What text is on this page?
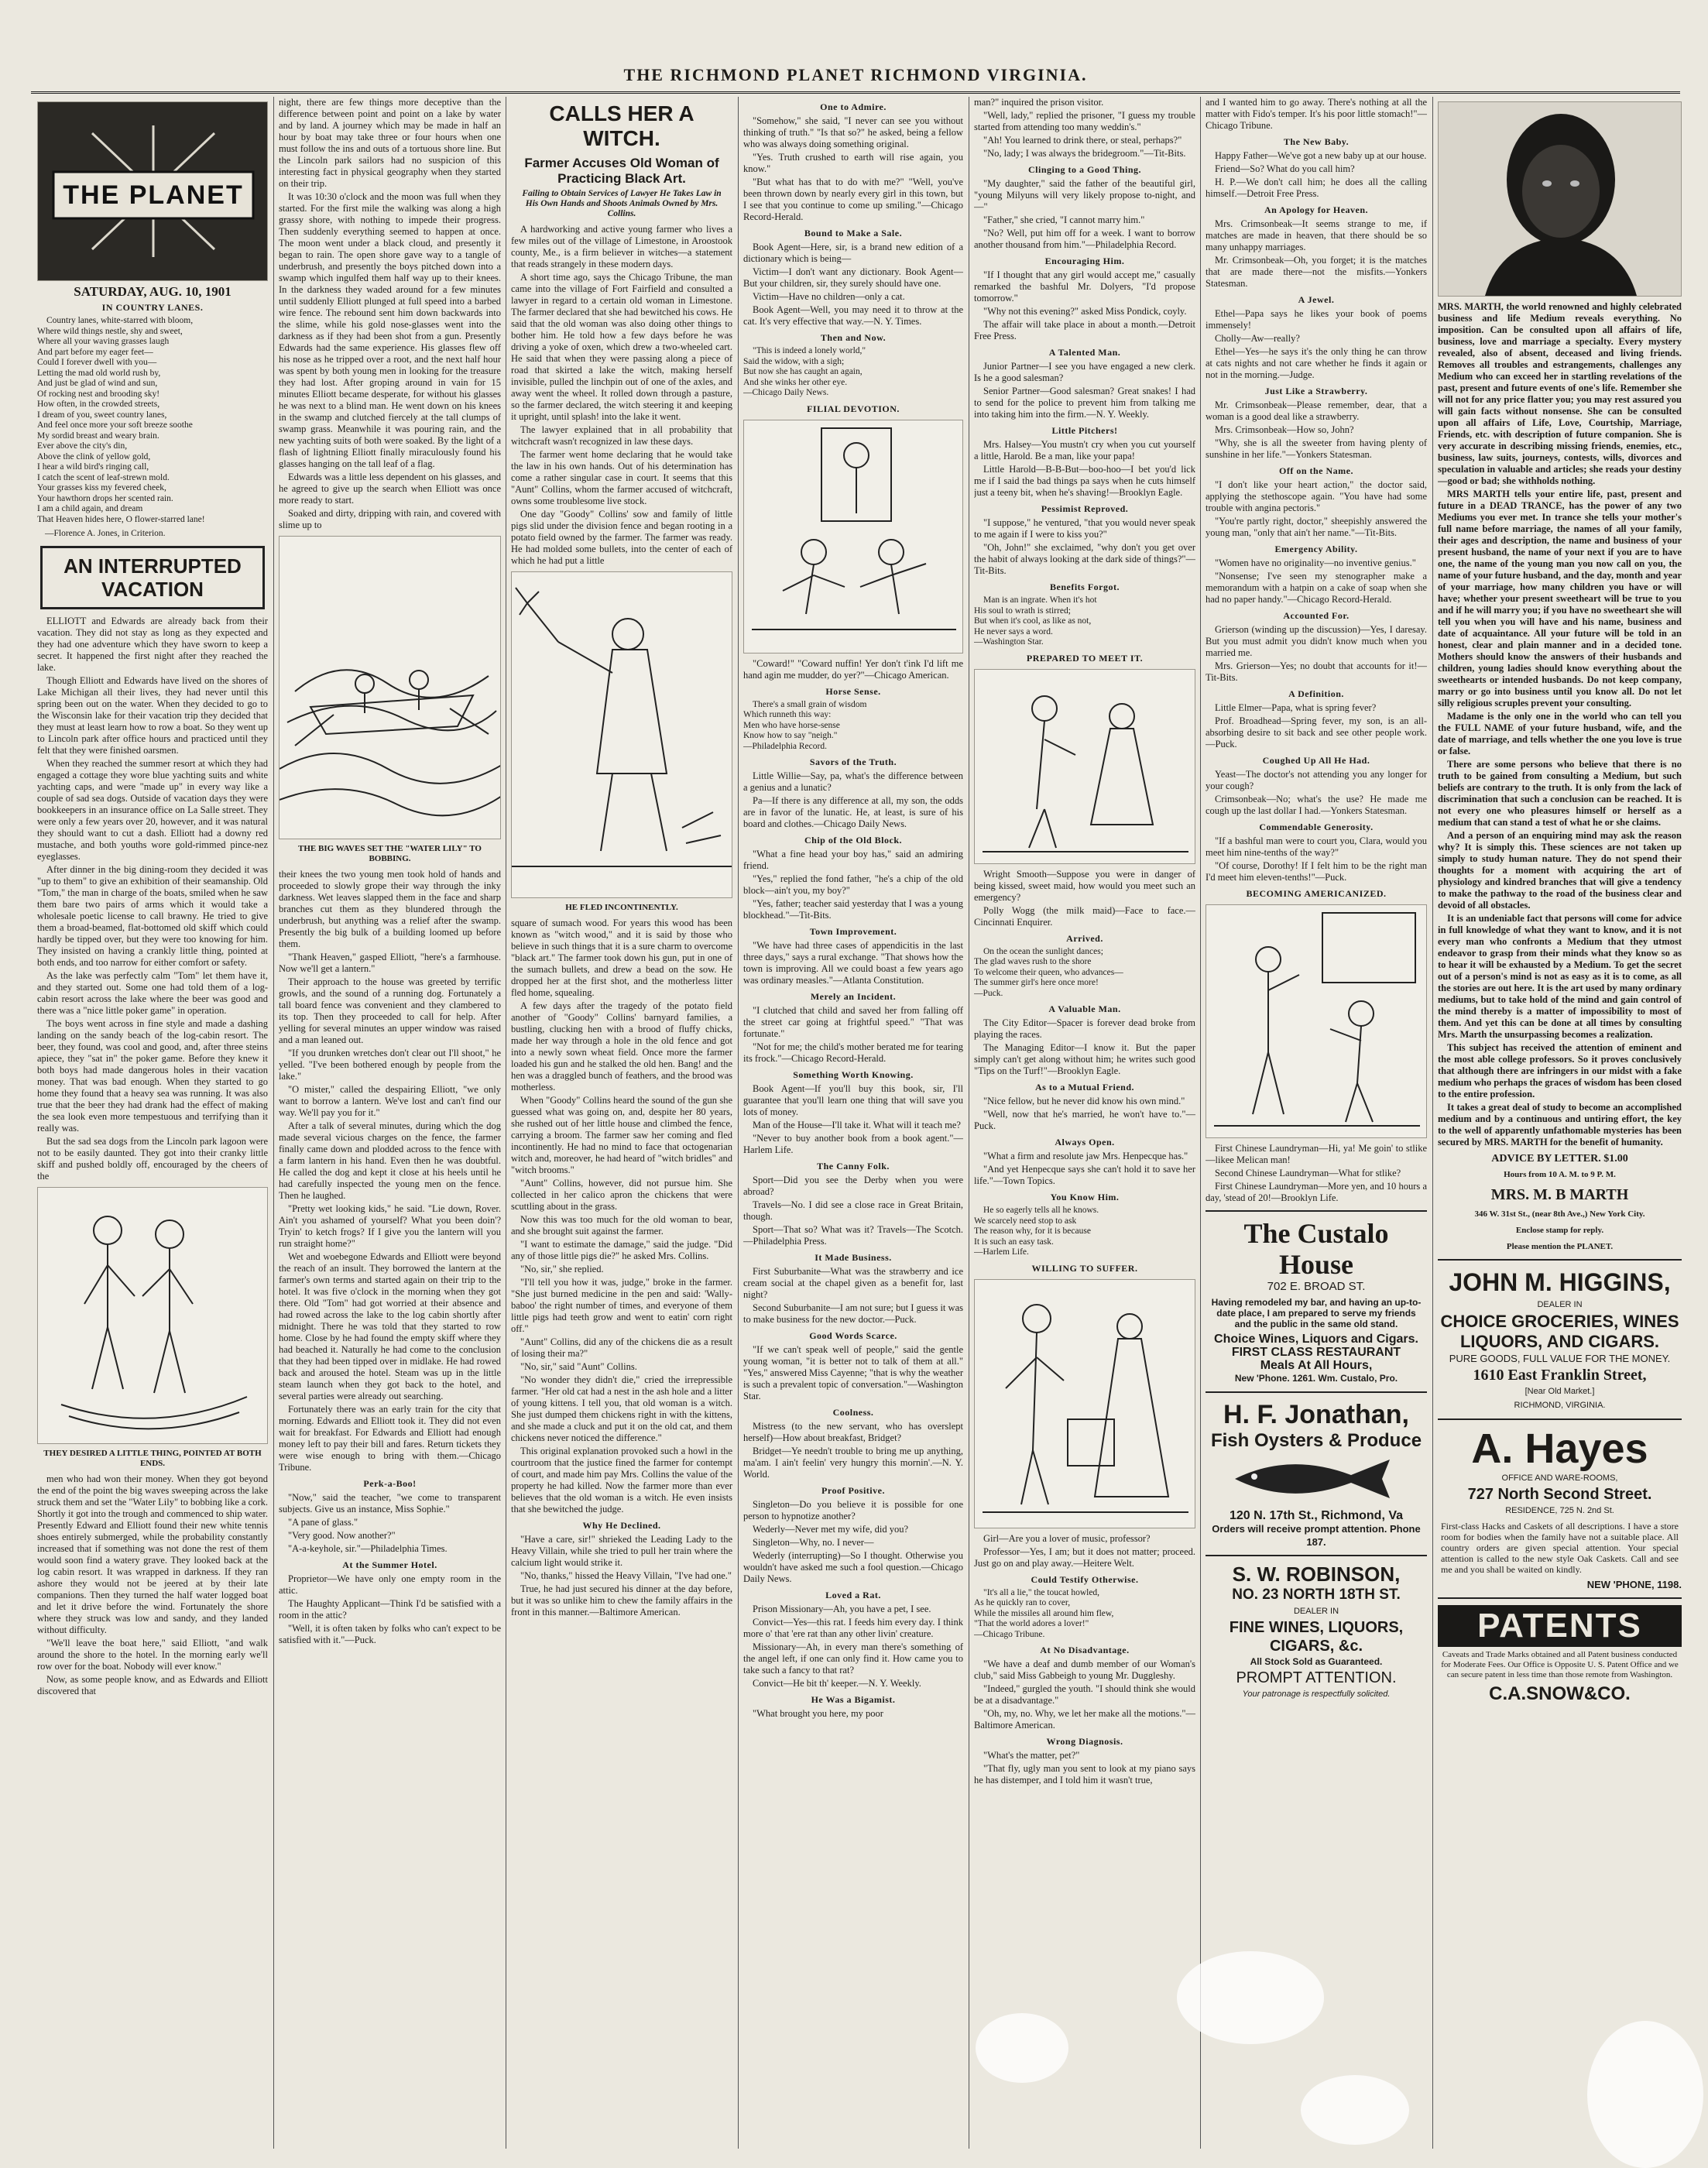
THE RICHMOND PLANET RICHMOND VIRGINIA.
THE PLANET
SATURDAY, AUG. 10, 1901
IN COUNTRY LANES.

Country lanes, white-starred with bloom,
Where wild things nestle, shy and sweet,
Where all your waving grasses laugh
And part before my eager feet—
Could I forever dwell with you—
Letting the mad old world rush by,
And just be glad of wind and sun,
Of rocking nest and brooding sky!
How often, in the crowded streets,
I dream of you, sweet country lanes,
And feel once more your soft breeze soothe
My sordid breast and weary brain.
Ever above the city's din,
Above the clink of yellow gold,
I hear a wild bird's ringing call,
I catch the scent of leaf-strewn mold.
Your grasses kiss my fevered cheek,
Your hawthorn drops her scented rain.
I am a child again, and dream
That Heaven hides here, O flower-starred lane!

—Florence A. Jones, in Criterion.

AN INTERRUPTED VACATION

ELLIOTT and Edwards are already back from their vacation. They did not stay as long as they expected and they had one adventure which they have sworn to keep a secret. It happened the first night after they reached the lake.

Though Elliott and Edwards have lived on the shores of Lake Michigan all their lives, they had never until this spring been out on the water. When they decided to go to the Wisconsin lake for their vacation trip they decided that they must at least learn how to row a boat. So they went up to Lincoln park after office hours and practiced until they felt that they were finished oarsmen.

When they reached the summer resort at which they had engaged a cottage they wore blue yachting suits and white yachting caps, and were "made up" in every way like a couple of sad sea dogs. Outside of vacation days they were bookkeepers in an insurance office on La Salle street. They were only a few years over 20, however, and it was natural they should want to cut a dash. Elliott had a downy red mustache, and both youths wore gold-rimmed pince-nez eyeglasses.

After dinner in the big dining-room they decided it was "up to them" to give an exhibition of their seamanship. Old "Tom," the man in charge of the boats, smiled when he saw them bare two pairs of arms which it would take a wholesale poetic license to call brawny. He tried to give them a broad-beamed, flat-bottomed old skiff which could hardly be tipped over, but they were too knowing for him. They insisted on having a crankly little thing, pointed at both ends, and too narrow for either comfort or safety.

As the lake was perfectly calm "Tom" let them have it, and they started out. Some one had told them of a log-cabin resort across the lake where the beer was good and there was a "nice little poker game" in operation.

The boys went across in fine style and made a dashing landing on the sandy beach of the log-cabin resort. The beer, they found, was cool and good, and, after three steins apiece, they "sat in" the poker game. Before they knew it both boys had made dangerous holes in their vacation money. That was bad enough. When they started to go home they found that a heavy sea was running. It was also true that the beer they had drank had the effect of making the sea look even more tempestuous and terrifying than it really was.

But the sad sea dogs from the Lincoln park lagoon were not to be easily daunted. They got into their cranky little skiff and pushed boldly off, encouraged by the cheers of the

THEY DESIRED A LITTLE THING, POINTED AT BOTH ENDS.

men who had won their money. When they got beyond the end of the point the big waves sweeping across the lake struck them and set the "Water Lily" to bobbing like a cork. Shortly it got into the trough and commenced to ship water. Presently Edward and Elliott found their new white tennis shoes entirely submerged, while the probability constantly increased that if something was not done the rest of them would soon find a watery grave. They looked back at the log cabin resort. It was wrapped in darkness. If they ran ashore they would not be jeered at by their late companions. Then they turned the half water logged boat and let it drive before the wind. Fortunately the shore where they struck was low and sandy, and they landed without difficulty.

"We'll leave the boat here," said Elliott, "and walk around the shore to the hotel. In the morning early we'll row over for the boat. Nobody will ever know."

Now, as some people know, and as Edwards and Elliott discovered that

night, there are few things more deceptive than the difference between point and point on a lake by water and by land. A journey which may be made in half an hour by boat may take three or four hours when one must follow the ins and outs of a tortuous shore line. But the Lincoln park sailors had no suspicion of this interesting fact in physical geography when they started on their trip.

It was 10:30 o'clock and the moon was full when they started. For the first mile the walking was along a high grassy shore, with nothing to impede their progress. Then suddenly everything seemed to happen at once. The moon went under a black cloud, and presently it began to rain. The open shore gave way to a tangle of underbrush, and presently the boys pitched down into a swamp which ingulfed them half way up to their knees. In the darkness they waded around for a few minutes until suddenly Elliott plunged at full speed into a barbed wire fence. The rebound sent him down backwards into the slime, while his gold nose-glasses went into the darkness as if they had been shot from a gun. Presently Edwards had the same experience. His glasses flew off his nose as he tripped over a root, and the next half hour was spent by both young men in looking for the treasure they had lost. After groping around in vain for 15 minutes Elliott became desperate, for without his glasses he was next to a blind man. He went down on his knees in the swamp and clutched fiercely at the tall clumps of swamp grass. Meanwhile it was pouring rain, and the new yachting suits of both were soaked. By the light of a flash of lightning Elliott finally miraculously found his glasses hanging on the tall leaf of a flag.

Edwards was a little less dependent on his glasses, and he agreed to give up the search when Elliott was once more ready to start.

Soaked and dirty, dripping with rain, and covered with slime up to

THE BIG WAVES SET THE "WATER LILY" TO BOBBING.

their knees the two young men took hold of hands and proceeded to slowly grope their way through the inky darkness. Wet leaves slapped them in the face and sharp branches cut them as they blundered through the underbrush, but anything was a relief after the swamp. Presently the big bulk of a building loomed up before them.

"Thank Heaven," gasped Elliott, "here's a farmhouse. Now we'll get a lantern."

Their approach to the house was greeted by terrific growls, and the sound of a running dog. Fortunately a tall board fence was convenient and they clambered to its top. Then they proceeded to call for help. After yelling for several minutes an upper window was raised and a man leaned out.

"If you drunken wretches don't clear out I'll shoot," he yelled. "I've been bothered enough by people from the lake."

"O mister," called the despairing Elliott, "we only want to borrow a lantern. We've lost and can't find our way. We'll pay you for it."

After a talk of several minutes, during which the dog made several vicious charges on the fence, the farmer finally came down and plodded across to the fence with a farm lantern in his hand. Even then he was doubtful. He called the dog and kept it close at his heels until he had carefully inspected the young men on the fence. Then he laughed.

"Pretty wet looking kids," he said. "Lie down, Rover. Ain't you ashamed of yourself? What you been doin'? Tryin' to ketch frogs? If I give you the lantern will you run straight home?"

Wet and woebegone Edwards and Elliott were beyond the reach of an insult. They borrowed the lantern at the farmer's own terms and started again on their trip to the hotel. It was five o'clock in the morning when they got there. Old "Tom" had got worried at their absence and had rowed across the lake to the log cabin shortly after midnight. There he was told that they started to row home. Close by he had found the empty skiff where they had beached it. Naturally he had come to the conclusion that they had been tipped over in midlake. He had rowed back and aroused the hotel. Steam was up in the little steam launch when they got back to the hotel, and several parties were already out searching.

Fortunately there was an early train for the city that morning. Edwards and Elliott took it. They did not even wait for breakfast. For Edwards and Elliott had enough money left to pay their bill and fares. Return tickets they were wise enough to bring with them.—Chicago Tribune.

Perk-a-Boo!

"Now," said the teacher, "we come to transparent subjects. Give us an instance, Miss Sophie."

"A pane of glass."

"Very good. Now another?"

"A-a-keyhole, sir."—Philadelphia Times.

At the Summer Hotel.

Proprietor—We have only one empty room in the attic.

The Haughty Applicant—Think I'd be satisfied with a room in the attic?

"Well, it is often taken by folks who can't expect to be satisfied with it."—Puck.

CALLS HER A WITCH.
Farmer Accuses Old Woman of Practicing Black Art.
Failing to Obtain Services of Lawyer He Takes Law in His Own Hands and Shoots Animals Owned by Mrs. Collins.

A hardworking and active young farmer who lives a few miles out of the village of Limestone, in Aroostook county, Me., is a firm believer in witches—a statement that reads strangely in these modern days.

A short time ago, says the Chicago Tribune, the man came into the village of Fort Fairfield and consulted a lawyer in regard to a certain old woman in Limestone. The farmer declared that she had bewitched his cows. He said that the old woman was also doing other things to bother him. He told how a few days before he was driving a yoke of oxen, which drew a two-wheeled cart. He said that when they were passing along a piece of road that skirted a lake the witch, making herself invisible, pulled the linchpin out of one of the axles, and away went the wheel. It rolled down through a pasture, so the farmer declared, the witch steering it and keeping it upright, until splash! into the lake it went.

The lawyer explained that in all probability that witchcraft wasn't recognized in law these days.

The farmer went home declaring that he would take the law in his own hands. Out of his determination has come a rather singular case in court. It seems that this "Aunt" Collins, whom the farmer accused of witchcraft, owns some troublesome live stock.

One day "Goody" Collins' sow and family of little pigs slid under the division fence and began rooting in a potato field owned by the farmer. The farmer was ready. He had molded some bullets, into the center of each of which he had put a little

HE FLED INCONTINENTLY.

square of sumach wood. For years this wood has been known as "witch wood," and it is said by those who believe in such things that it is a sure charm to overcome "black art." The farmer took down his gun, put in one of the sumach bullets, and drew a bead on the sow. He dropped her at the first shot, and the motherless litter fled home, squealing.

A few days after the tragedy of the potato field another of "Goody" Collins' barnyard families, a bustling, clucking hen with a brood of fluffy chicks, made her way through a hole in the old fence and got into a newly sown wheat field. Once more the farmer loaded his gun and he stalked the old hen. Bang! and the hen was a draggled bunch of feathers, and the brood was motherless.

When "Goody" Collins heard the sound of the gun she guessed what was going on, and, despite her 80 years, she rushed out of her little house and climbed the fence, carrying a broom. The farmer saw her coming and fled incontinently. He had no mind to face that octogenarian witch and, moreover, he had heard of "witch bridles" and "witch brooms."

"Aunt" Collins, however, did not pursue him. She collected in her calico apron the chickens that were scuttling about in the grass.

Now this was too much for the old woman to bear, and she brought suit against the farmer.

"I want to estimate the damage," said the judge. "Did any of those little pigs die?" he asked Mrs. Collins.

"No, sir," she replied.

"I'll tell you how it was, judge," broke in the farmer. "She just burned medicine in the pen and said: 'Wally-baboo' the right number of times, and everyone of them little pigs had teeth grow and went to eatin' corn right off."

"Aunt" Collins, did any of the chickens die as a result of losing their ma?"

"No, sir," said "Aunt" Collins.

"No wonder they didn't die," cried the irrepressible farmer. "Her old cat had a nest in the ash hole and a litter of young kittens. I tell you, that old woman is a witch. She just dumped them chickens right in with the kittens, and she made a cluck and put it on the old cat, and them chickens never noticed the difference."

This original explanation provoked such a howl in the courtroom that the justice fined the farmer for contempt of court, and made him pay Mrs. Collins the value of the property he had killed. Now the farmer more than ever believes that the old woman is a witch. He even insists that she bewitched the judge.

Why He Declined.

"Have a care, sir!" shrieked the Leading Lady to the Heavy Villain, while she tried to pull her train where the calcium light would strike it.

"No, thanks," hissed the Heavy Villain, "I've had one."

True, he had just secured his dinner at the day before, but it was so unlike him to chew the family affairs in the front in this manner.—Baltimore American.

One to Admire.

"Somehow," she said, "I never can see you without thinking of truth." "Is that so?" he asked, being a fellow who was always doing something original.

"Yes. Truth crushed to earth will rise again, you know."

"But what has that to do with me?" "Well, you've been thrown down by nearly every girl in this town, but I see that you continue to come up smiling."—Chicago Record-Herald.

Bound to Make a Sale.

Book Agent—Here, sir, is a brand new edition of a dictionary which is being—

Victim—I don't want any dictionary. Book Agent—But your children, sir, they surely should have one.

Victim—Have no children—only a cat.

Book Agent—Well, you may need it to throw at the cat. It's very effective that way.—N. Y. Times.

Then and Now.

"This is indeed a lonely world,"
Said the widow, with a sigh;
But now she has caught an again,
And she winks her other eye.
—Chicago Daily News.

FILIAL DEVOTION.

"Coward!" "Coward nuffin! Yer don't t'ink I'd lift me hand agin me mudder, do yer?"—Chicago American.

Horse Sense.

There's a small grain of wisdom
Which runneth this way:
Men who have horse-sense
Know how to say "neigh."
—Philadelphia Record.

Savors of the Truth.

Little Willie—Say, pa, what's the difference between a genius and a lunatic?

Pa—If there is any difference at all, my son, the odds are in favor of the lunatic. He, at least, is sure of his board and clothes.—Chicago Daily News.

Chip of the Old Block.

"What a fine head your boy has," said an admiring friend.

"Yes," replied the fond father, "he's a chip of the old block—ain't you, my boy?"

"Yes, father; teacher said yesterday that I was a young blockhead."—Tit-Bits.

Town Improvement.

"We have had three cases of appendicitis in the last three days," says a rural exchange. "That shows how the town is improving. All we could boast a few years ago was ordinary measles."—Atlanta Constitution.

Merely an Incident.

"I clutched that child and saved her from falling off the street car going at frightful speed." "That was fortunate."

"Not for me; the child's mother berated me for tearing its frock."—Chicago Record-Herald.

Something Worth Knowing.

Book Agent—If you'll buy this book, sir, I'll guarantee that you'll learn one thing that will save you lots of money.

Man of the House—I'll take it. What will it teach me?

"Never to buy another book from a book agent."—Harlem Life.

The Canny Folk.

Sport—Did you see the Derby when you were abroad?

Travels—No. I did see a close race in Great Britain, though.

Sport—That so? What was it? Travels—The Scotch.—Philadelphia Press.

It Made Business.

First Suburbanite—What was the strawberry and ice cream social at the chapel given as a benefit for, last night?

Second Suburbanite—I am not sure; but I guess it was to make business for the new doctor.—Puck.

Good Words Scarce.

"If we can't speak well of people," said the gentle young woman, "it is better not to talk of them at all." "Yes," answered Miss Cayenne; "that is why the weather is such a prevalent topic of conversation."—Washington Star.

Coolness.

Mistress (to the new servant, who has overslept herself)—How about breakfast, Bridget?

Bridget—Ye needn't trouble to bring me up anything, ma'am. I ain't feelin' very hungry this mornin'.—N. Y. World.

Proof Positive.

Singleton—Do you believe it is possible for one person to hypnotize another?

Wederly—Never met my wife, did you?

Singleton—Why, no. I never—

Wederly (interrupting)—So I thought. Otherwise you wouldn't have asked me such a fool question.—Chicago Daily News.

Loved a Rat.

Prison Missionary—Ah, you have a pet, I see.

Convict—Yes—this rat. I feeds him every day. I think more o' that 'ere rat than any other livin' creature.

Missionary—Ah, in every man there's something of the angel left, if one can only find it. How came you to take such a fancy to that rat?

Convict—He bit th' keeper.—N. Y. Weekly.

He Was a Bigamist.

"What brought you here, my poor

man?" inquired the prison visitor.

"Well, lady," replied the prisoner, "I guess my trouble started from attending too many weddin's."

"Ah! You learned to drink there, or steal, perhaps?"

"No, lady; I was always the bridegroom."—Tit-Bits.

Clinging to a Good Thing.

"My daughter," said the father of the beautiful girl, "young Milyuns will very likely propose to-night, and—"

"Father," she cried, "I cannot marry him."

"No? Well, put him off for a week. I want to borrow another thousand from him."—Philadelphia Record.

Encouraging Him.

"If I thought that any girl would accept me," casually remarked the bashful Mr. Dolyers, "I'd propose tomorrow."

"Why not this evening?" asked Miss Pondick, coyly.

The affair will take place in about a month.—Detroit Free Press.

A Talented Man.

Junior Partner—I see you have engaged a new clerk. Is he a good salesman?

Senior Partner—Good salesman? Great snakes! I had to send for the police to prevent him from talking me into taking him into the firm.—N. Y. Weekly.

Little Pitchers!

Mrs. Halsey—You mustn't cry when you cut yourself a little, Harold. Be a man, like your papa!

Little Harold—B-B-But—boo-hoo—I bet you'd lick me if I said the bad things pa says when he cuts himself just a teeny bit, when he's shaving!—Brooklyn Eagle.

Pessimist Reproved.

"I suppose," he ventured, "that you would never speak to me again if I were to kiss you?"

"Oh, John!" she exclaimed, "why don't you get over the habit of always looking at the dark side of things?"—Tit-Bits.

Benefits Forgot.

Man is an ingrate. When it's hot
His soul to wrath is stirred;
But when it's cool, as like as not,
He never says a word.
—Washington Star.

PREPARED TO MEET IT.

Wright Smooth—Suppose you were in danger of being kissed, sweet maid, how would you meet such an emergency?

Polly Wogg (the milk maid)—Face to face.—Cincinnati Enquirer.

Arrived.

On the ocean the sunlight dances;
The glad waves rush to the shore
To welcome their queen, who advances—
The summer girl's here once more!
—Puck.

A Valuable Man.

The City Editor—Spacer is forever dead broke from playing the races.

The Managing Editor—I know it. But the paper simply can't get along without him; he writes such good "Tips on the Turf!"—Brooklyn Eagle.

As to a Mutual Friend.

"Nice fellow, but he never did know his own mind."

"Well, now that he's married, he won't have to."—Puck.

Always Open.

"What a firm and resolute jaw Mrs. Henpecque has."

"And yet Henpecque says she can't hold it to save her life."—Town Topics.

You Know Him.

He so eagerly tells all he knows.
We scarcely need stop to ask
The reason why, for it is because
It is such an easy task.
—Harlem Life.

WILLING TO SUFFER.

Girl—Are you a lover of music, professor?

Professor—Yes, I am; but it does not matter; proceed. Just go on and play away.—Heitere Welt.

Could Testify Otherwise.

"It's all a lie," the toucat howled,
As he quickly ran to cover,
While the missiles all around him flew,
"That the world adores a lover!"
—Chicago Tribune.

At No Disadvantage.

"We have a deaf and dumb member of our Woman's club," said Miss Gabbeigh to young Mr. Duggleshy.

"Indeed," gurgled the youth. "I should think she would be at a disadvantage."

"Oh, my, no. Why, we let her make all the motions."—Baltimore American.

Wrong Diagnosis.

"What's the matter, pet?"

"That fly, ugly man you sent to look at my piano says he has distemper, and I told him it wasn't true,

and I wanted him to go away. There's nothing at all the matter with Fido's temper. It's his poor little stomach!"—Chicago Tribune.

The New Baby.

Happy Father—We've got a new baby up at our house.

Friend—So? What do you call him?

H. P.—We don't call him; he does all the calling himself.—Detroit Free Press.

An Apology for Heaven.

Mrs. Crimsonbeak—It seems strange to me, if matches are made in heaven, that there should be so many unhappy marriages.

Mr. Crimsonbeak—Oh, you forget; it is the matches that are made there—not the misfits.—Yonkers Statesman.

A Jewel.

Ethel—Papa says he likes your book of poems immensely!

Cholly—Aw—really?

Ethel—Yes—he says it's the only thing he can throw at cats nights and not care whether he finds it again or not in the morning.—Judge.

Just Like a Strawberry.

Mr. Crimsonbeak—Please remember, dear, that a woman is a good deal like a strawberry.

Mrs. Crimsonbeak—How so, John?

"Why, she is all the sweeter from having plenty of sunshine in her life."—Yonkers Statesman.

Off on the Name.

"I don't like your heart action," the doctor said, applying the stethoscope again. "You have had some trouble with angina pectoris."

"You're partly right, doctor," sheepishly answered the young man, "only that ain't her name."—Tit-Bits.

Emergency Ability.

"Women have no originality—no inventive genius."

"Nonsense; I've seen my stenographer make a memorandum with a hatpin on a cake of soap when she had no paper handy."—Chicago Record-Herald.

Accounted For.

Grierson (winding up the discussion)—Yes, I daresay. But you must admit you didn't know much when you married me.

Mrs. Grierson—Yes; no doubt that accounts for it!—Tit-Bits.

A Definition.

Little Elmer—Papa, what is spring fever?

Prof. Broadhead—Spring fever, my son, is an all-absorbing desire to sit back and see other people work.—Puck.

Coughed Up All He Had.

Yeast—The doctor's not attending you any longer for your cough?

Crimsonbeak—No; what's the use? He made me cough up the last dollar I had.—Yonkers Statesman.

Commendable Generosity.

"If a bashful man were to court you, Clara, would you meet him nine-tenths of the way?"

"Of course, Dorothy! If I felt him to be the right man I'd meet him eleven-tenths!"—Puck.

BECOMING AMERICANIZED.

First Chinese Laundryman—Hi, ya! Me goin' to stlike—likee Melican man!

Second Chinese Laundryman—What for stlike?

First Chinese Laundryman—More yen, and 10 hours a day, 'stead of 20!—Brooklyn Life.

The Custalo House
702 E. BROAD ST.
Having remodeled my bar, and having an up-to-date place, I am prepared to serve my friends and the public in the same old stand.
Choice Wines, Liquors and Cigars.
FIRST CLASS RESTAURANT
Meals At All Hours,
New 'Phone. 1261. Wm. Custalo, Pro.
H. F. Jonathan,
Fish Oysters & Produce
120 N. 17th St., Richmond, Va
Orders will receive prompt attention. Phone 187.
S. W. ROBINSON,
NO. 23 NORTH 18TH ST.
DEALER IN
FINE WINES, LIQUORS, CIGARS, &c.
All Stock Sold as Guaranteed.
PROMPT ATTENTION.
Your patronage is respectfully solicited.

MRS. MARTH, the world renowned and highly celebrated business and life Medium reveals everything. No imposition. Can be consulted upon all affairs of life, business, love and marriage a specialty. Every mystery revealed, also of absent, deceased and living friends. Removes all troubles and estrangements, challenges any Medium who can exceed her in startling revelations of the past, present and future events of one's life. Remember she will not for any price flatter you; you may rest assured you will gain facts without nonsense. She can be consulted upon all affairs of Life, Love, Courtship, Marriage, Friends, etc. with description of future companion. She is very accurate in describing missing friends, enemies, etc., business, law suits, journeys, contests, wills, divorces and speculation in valuable and articles; she reads your destiny—good or bad; she withholds nothing.

MRS MARTH tells your entire life, past, present and future in a DEAD TRANCE, has the power of any two Mediums you ever met. In trance she tells your mother's full name before marriage, the names of all your family, their ages and description, the name and business of your present husband, the name of your next if you are to have one, the name of the young man you now call on you, the name of your future husband, and the day, month and year of your marriage, how many children you have or will have; whether your present sweetheart will be true to you and if he will marry you; if you have no sweetheart she will tell you when you will have and his name, business and date of acquaintance. All your future will be told in an honest, clear and plain manner and in a decided tone. Mothers should know the answers of their husbands and children, young ladies should know everything about the sweethearts or intended husbands. Do not keep company, marry or go into business until you know all. Do not let silly religious scruples prevent your consulting.

Madame is the only one in the world who can tell you the FULL NAME of your future husband, wife, and the date of marriage, and tells whether the one you love is true or false.

There are some persons who believe that there is no truth to be gained from consulting a Medium, but such beliefs are contrary to the truth. It is only from the lack of discrimination that such a conclusion can be reached. It is not every one who pleasures himself or herself as a medium that can stand a test of what he or she claims.

And a person of an enquiring mind may ask the reason why? It is simply this. These sciences are not taken up simply to study human nature. They do not spend their thoughts for a moment with acquiring the art of physiology and kindred branches that will give a tendency to make the pathway to the road of the business clear and devoid of all obstacles.

It is an undeniable fact that persons will come for advice in full knowledge of what they want to know, and it is not every man who confronts a Medium that they utmost endeavor to grasp from their minds what they know so as to hear it will be exhausted by a Medium. To get the secret out of a person's mind is not as easy as it is to come, as all the stories are out here. It is the art used by many ordinary mediums, but to take hold of the mind and gain control of the mind thereby is a matter of impossibility to most of them. And yet this can be done at all times by consulting Mrs. Marth the unsurpassing becomes a realization.

This subject has received the attention of eminent and the most able college professors. So it proves conclusively that although there are infringers in our midst with a fake medium who perhaps the graces of wisdom has been closed to the entire profession.

It takes a great deal of study to become an accomplished medium and by a continuous and untiring effort, the key to the well of apparently unfathomable mysteries has been secured by MRS. MARTH for the benefit of humanity.

ADVICE BY LETTER. $1.00
Hours from 10 A. M. to 9 P. M.
MRS. M. B MARTH
346 W. 31st St., (near 8th Ave.,) New York City.
Enclose stamp for reply.
Please mention the PLANET.
JOHN M. HIGGINS,
DEALER IN
CHOICE GROCERIES, WINES LIQUORS, AND CIGARS.
PURE GOODS, FULL VALUE FOR THE MONEY.
1610 East Franklin Street,
[Near Old Market.]
RICHMOND, VIRGINIA.
A. Hayes
OFFICE AND WARE-ROOMS,
727 North Second Street.
RESIDENCE, 725 N. 2nd St.
First-class Hacks and Caskets of all descriptions. I have a store room for bodies when the family have not a suitable place. All country orders are given special attention. Your special attention is called to the new style Oak Caskets. Call and see me and you shall be waited on kindly.
NEW 'PHONE, 1198.
PATENTS
Caveats and Trade Marks obtained and all Patent business conducted for Moderate Fees. Our Office is Opposite U. S. Patent Office and we can secure patent in less time than those remote from Washington.
C.A.SNOW&CO.
